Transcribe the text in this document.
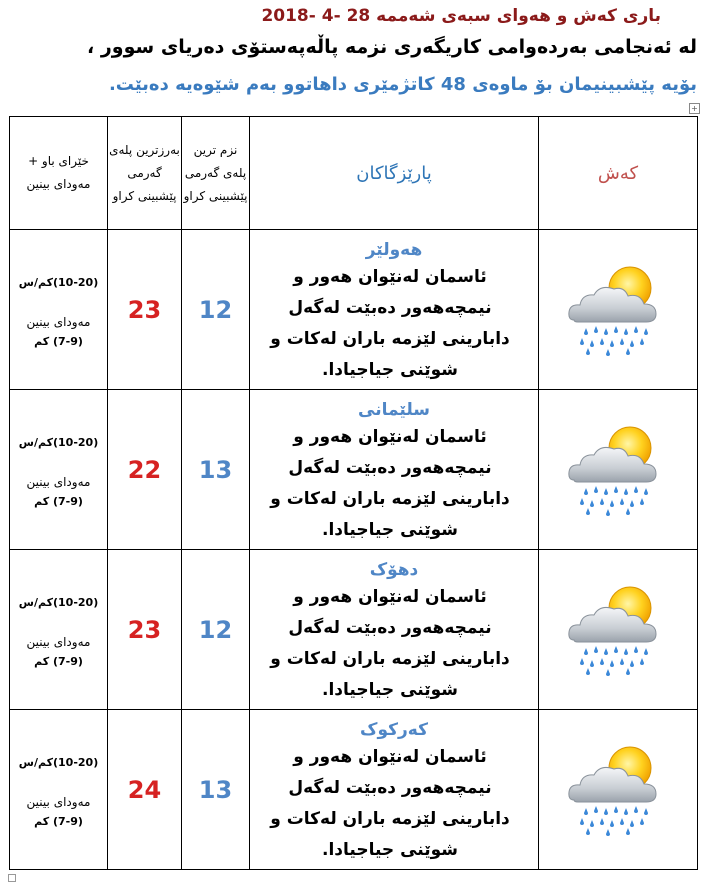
باری کەش و هەوای سبەی شەممە 28 -4 -2018
لە ئەنجامی بەردەوامی کاریگەری نزمە پاڵەپەستۆی دەریای سوور ،
بۆیە پێشبینیمان بۆ ماوەی 48 کاتژمێری داهاتوو بەم شێوەیە دەبێت.
+
خێرای باو + مەودای بینین	بەرزترین پلەی گەرمی پێشبینی کراو	نزم ترین پلەی گەرمی پێشبینی کراو	پارێزگاکان	کەش

(10-20)کم/س
مەودای بینین
(7-9) کم	23	12	هەولێر
ئاسمان لەنێوان هەور و نیمچەهەور دەبێت لەگەل دابارینی لێزمە باران لەکات و شوێنی جیاجیادا.

(10-20)کم/س
مەودای بینین
(7-9) کم	22	13	سلێمانی
ئاسمان لەنێوان هەور و نیمچەهەور دەبێت لەگەل دابارینی لێزمە باران لەکات و شوێنی جیاجیادا.

(10-20)کم/س
مەودای بینین
(7-9) کم	23	12	دهۆک
ئاسمان لەنێوان هەور و نیمچەهەور دەبێت لەگەل دابارینی لێزمە باران لەکات و شوێنی جیاجیادا.

(10-20)کم/س
مەودای بینین
(7-9) کم	24	13	کەرکوک
ئاسمان لەنێوان هەور و نیمچەهەور دەبێت لەگەل دابارینی لێزمە باران لەکات و شوێنی جیاجیادا.
